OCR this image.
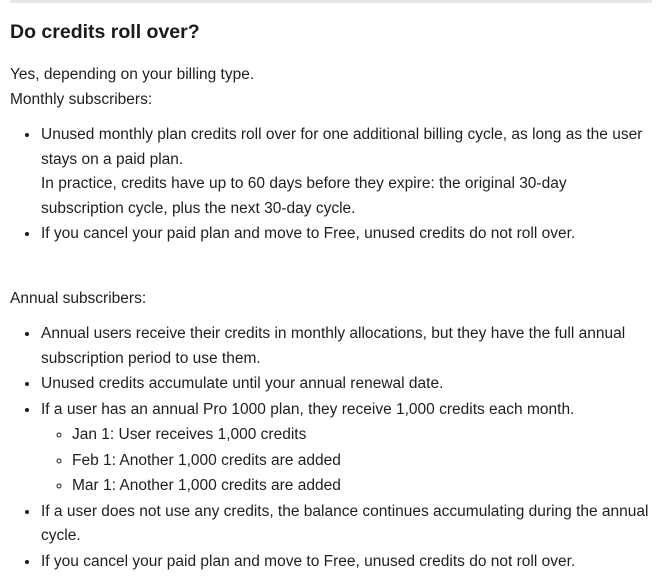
Do credits roll over?

Yes, depending on your billing type.

Monthly subscribers:

• Unused monthly plan credits roll over for one additional billing cycle, as long as the user stays on a paid plan.
In practice, credits have up to 60 days before they expire: the original 30-day subscription cycle, plus the next 30-day cycle.
• If you cancel your paid plan and move to Free, unused credits do not roll over.

Annual subscribers:

• Annual users receive their credits in monthly allocations, but they have the full annual subscription period to use them.
• Unused credits accumulate until your annual renewal date.
• If a user has an annual Pro 1000 plan, they receive 1,000 credits each month.
◦ Jan 1: User receives 1,000 credits
◦ Feb 1: Another 1,000 credits are added
◦ Mar 1: Another 1,000 credits are added
• If a user does not use any credits, the balance continues accumulating during the annual cycle.
• If you cancel your paid plan and move to Free, unused credits do not roll over.
